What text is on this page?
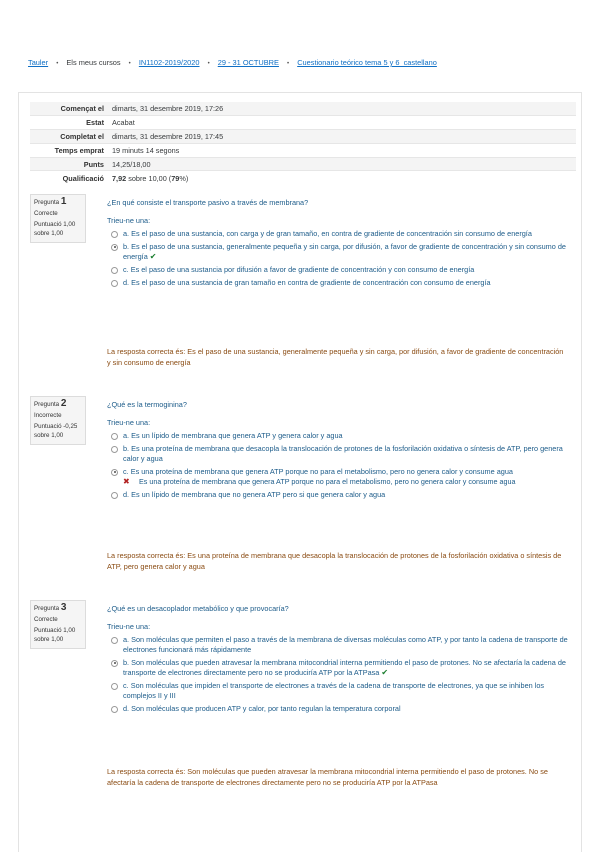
Tauler • Els meus cursos • IN1102-2019/2020 • 29 - 31 OCTUBRE • Cuestionario teórico tema 5 y 6_castellano
Començat el	dimarts, 31 desembre 2019, 17:26
Estat	Acabat
Completat el	dimarts, 31 desembre 2019, 17:45
Temps emprat	19 minuts 14 segons
Punts	14,25/18,00
Qualificació	7,92 sobre 10,00 (79%)
Pregunta 1
Correcte
Puntuació 1,00
sobre 1,00
¿En qué consiste el transporte pasivo a través de membrana?
Trieu-ne una:
a. Es el paso de una sustancia, con carga y de gran tamaño, en contra de gradiente de concentración sin consumo de energía
b. Es el paso de una sustancia, generalmente pequeña y sin carga, por difusión, a favor de gradiente de concentración y sin consumo de energía ✔
c. Es el paso de una sustancia por difusión a favor de gradiente de concentración y con consumo de energía
d. Es el paso de una sustancia de gran tamaño en contra de gradiente de concentración con consumo de energía
La resposta correcta és: Es el paso de una sustancia, generalmente pequeña y sin carga, por difusión, a favor de gradiente de concentración y sin consumo de energía
Pregunta 2
Incorrecte
Puntuació -0,25
sobre 1,00
¿Qué es la termoginina?
Trieu-ne una:
a. Es un lípido de membrana que genera ATP y genera calor y agua
b. Es una proteína de membrana que desacopla la translocación de protones de la fosforilación oxidativa o síntesis de ATP, pero genera calor y agua
c. Es una proteína de membrana que genera ATP porque no para el metabolismo, pero no genera calor y consume agua
✖ Es una proteína de membrana que genera ATP porque no para el metabolismo, pero no genera calor y consume agua
d. Es un lípido de membrana que no genera ATP pero si que genera calor y agua
La resposta correcta és: Es una proteína de membrana que desacopla la translocación de protones de la fosforilación oxidativa o síntesis de ATP, pero genera calor y agua
Pregunta 3
Correcte
Puntuació 1,00
sobre 1,00
¿Qué es un desacoplador metabólico y que provocaría?
Trieu-ne una:
a. Son moléculas que permiten el paso a través de la membrana de diversas moléculas como ATP, y por tanto la cadena de transporte de electrones funcionará más rápidamente
b. Son moléculas que pueden atravesar la membrana mitocondrial interna permitiendo el paso de protones. No se afectaría la cadena de transporte de electrones directamente pero no se produciría ATP por la ATPasa ✔
c. Son moléculas que impiden el transporte de electrones a través de la cadena de transporte de electrones, ya que se inhiben los complejos II y III
d. Son moléculas que producen ATP y calor, por tanto regulan la temperatura corporal
La resposta correcta és: Son moléculas que pueden atravesar la membrana mitocondrial interna permitiendo el paso de protones. No se afectaría la cadena de transporte de electrones directamente pero no se produciría ATP por la ATPasa
